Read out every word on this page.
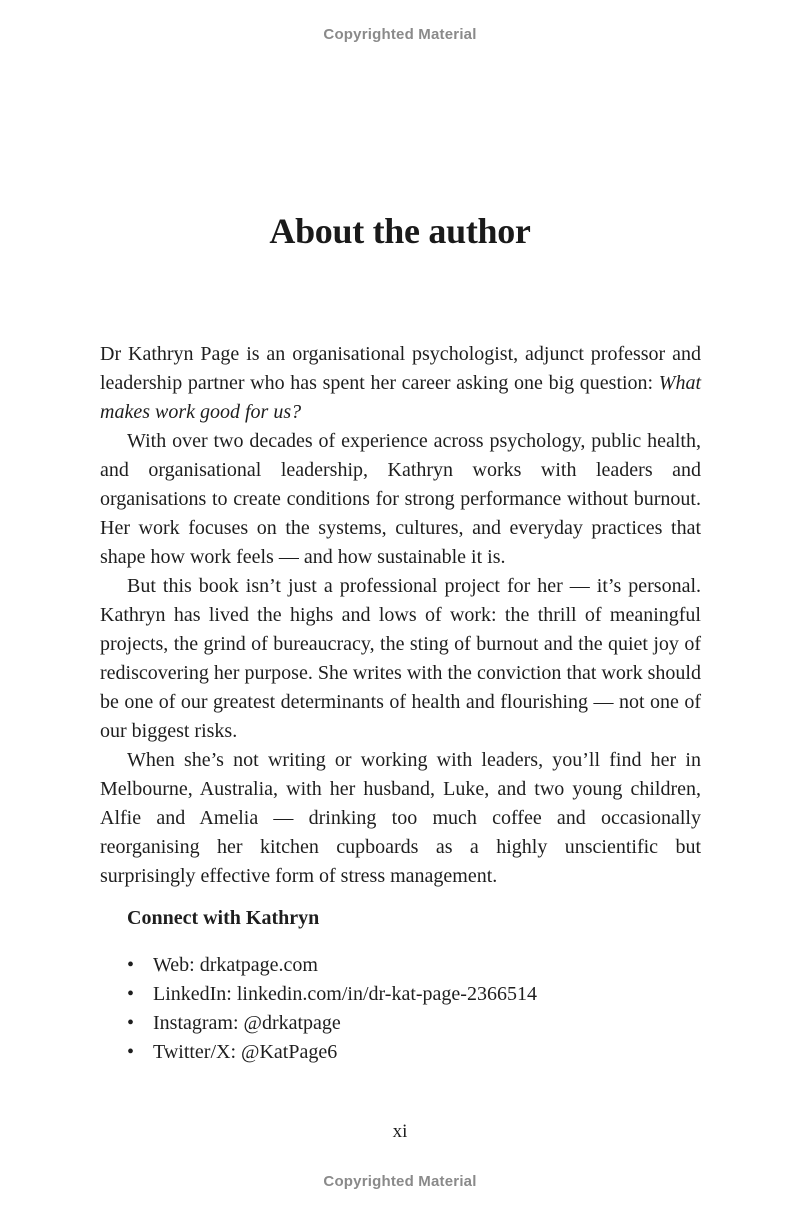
Copyrighted Material
About the author

Dr Kathryn Page is an organisational psychologist, adjunct professor and leadership partner who has spent her career asking one big question: What makes work good for us?

With over two decades of experience across psychology, public health, and organisational leadership, Kathryn works with leaders and organisations to create conditions for strong performance without burnout. Her work focuses on the systems, cultures, and everyday practices that shape how work feels — and how sustainable it is.

But this book isn’t just a professional project for her — it’s personal. Kathryn has lived the highs and lows of work: the thrill of meaningful projects, the grind of bureaucracy, the sting of burnout and the quiet joy of rediscovering her purpose. She writes with the conviction that work should be one of our greatest determinants of health and flourishing — not one of our biggest risks.

When she’s not writing or working with leaders, you’ll find her in Melbourne, Australia, with her husband, Luke, and two young children, Alfie and Amelia — drinking too much coffee and occasionally reorganising her kitchen cupboards as a highly unscientific but surprisingly effective form of stress management.

Connect with Kathryn
• Web: drkatpage.com
• LinkedIn: linkedin.com/in/dr-kat-page-2366514
• Instagram: @drkatpage
• Twitter/X: @KatPage6
xi
Copyrighted Material
